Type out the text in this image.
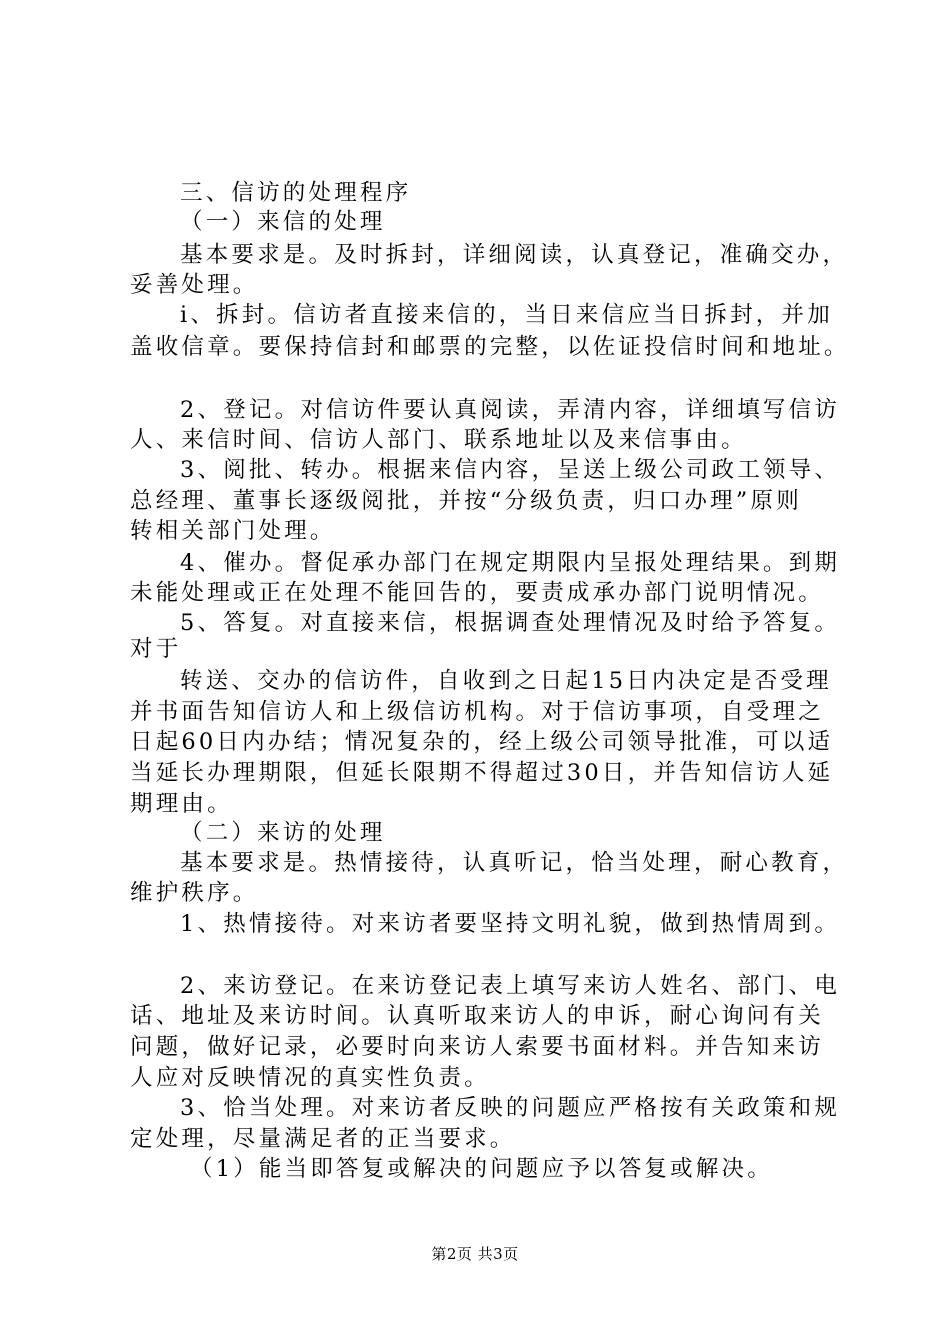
三、信访的处理程序
（一）来信的处理
基本要求是。及时拆封，详细阅读，认真登记，准确交办，
妥善处理。
i、拆封。信访者直接来信的，当日来信应当日拆封，并加
盖收信章。要保持信封和邮票的完整，以佐证投信时间和地址。
2、登记。对信访件要认真阅读，弄清内容，详细填写信访
人、来信时间、信访人部门、联系地址以及来信事由。
3、阅批、转办。根据来信内容，呈送上级公司政工领导、
总经理、董事长逐级阅批，并按“分级负责，归口办理”原则
转相关部门处理。
4、催办。督促承办部门在规定期限内呈报处理结果。到期
未能处理或正在处理不能回告的，要责成承办部门说明情况。
5、答复。对直接来信，根据调查处理情况及时给予答复。
对于
转送、交办的信访件，自收到之日起15日内决定是否受理
并书面告知信访人和上级信访机构。对于信访事项，自受理之
日起60日内办结；情况复杂的，经上级公司领导批准，可以适
当延长办理期限，但延长限期不得超过30日，并告知信访人延
期理由。
（二）来访的处理
基本要求是。热情接待，认真听记，恰当处理，耐心教育，
维护秩序。
1、热情接待。对来访者要坚持文明礼貌，做到热情周到。
2、来访登记。在来访登记表上填写来访人姓名、部门、电
话、地址及来访时间。认真听取来访人的申诉，耐心询问有关
问题，做好记录，必要时向来访人索要书面材料。并告知来访
人应对反映情况的真实性负责。
3、恰当处理。对来访者反映的问题应严格按有关政策和规
定处理，尽量满足者的正当要求。
（1）能当即答复或解决的问题应予以答复或解决。
第2页 共3页
